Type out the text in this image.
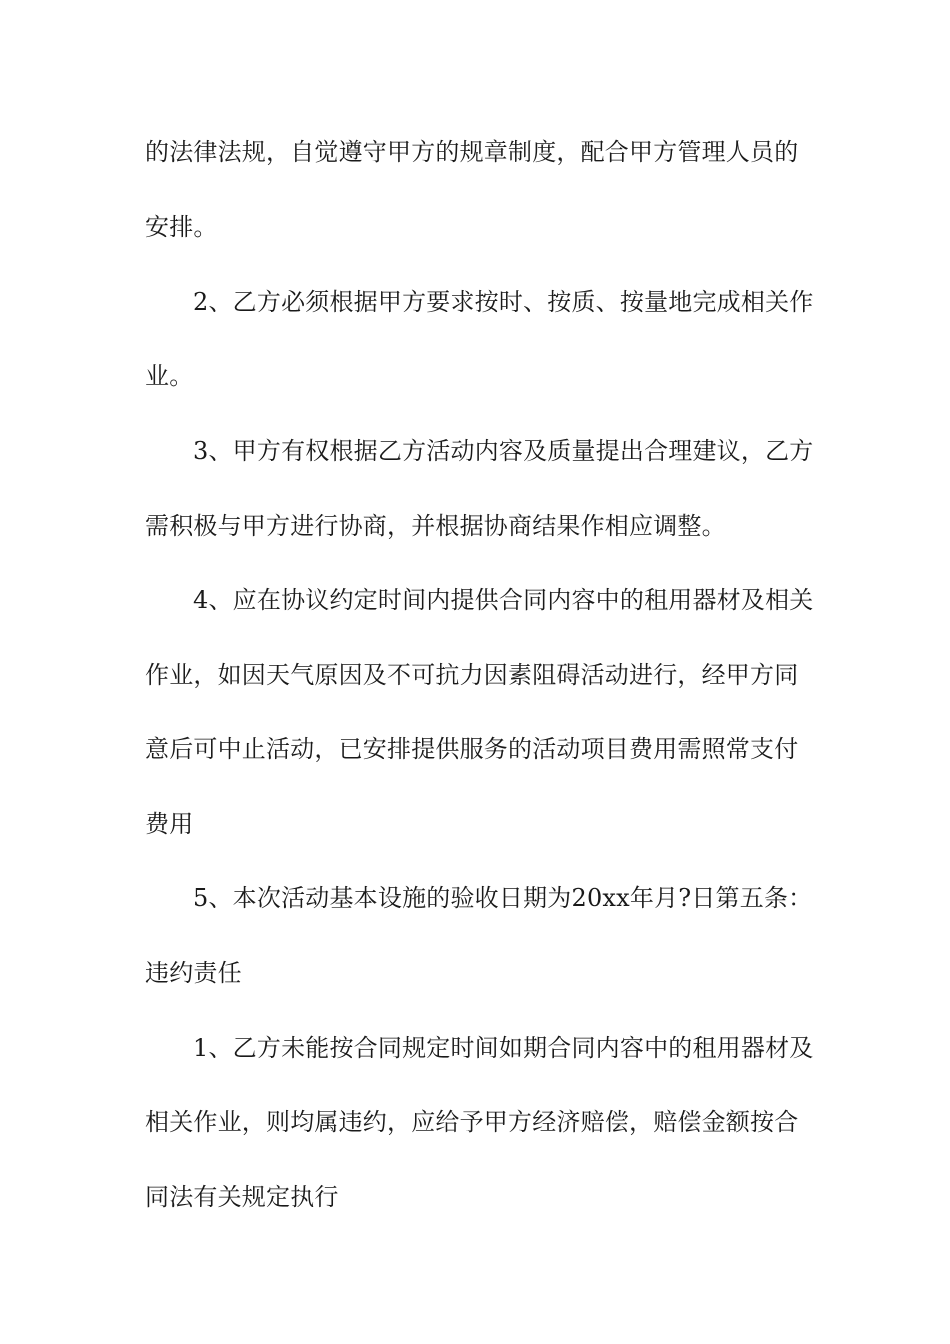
的法律法规，自觉遵守甲方的规章制度，配合甲方管理人员的
安排。
2、乙方必须根据甲方要求按时、按质、按量地完成相关作
业。
3、甲方有权根据乙方活动内容及质量提出合理建议，乙方
需积极与甲方进行协商，并根据协商结果作相应调整。
4、应在协议约定时间内提供合同内容中的租用器材及相关
作业，如因天气原因及不可抗力因素阻碍活动进行，经甲方同
意后可中止活动，已安排提供服务的活动项目费用需照常支付
费用
5、本次活动基本设施的验收日期为20xx年月?日第五条：
违约责任
1、乙方未能按合同规定时间如期合同内容中的租用器材及
相关作业，则均属违约，应给予甲方经济赔偿，赔偿金额按合
同法有关规定执行
